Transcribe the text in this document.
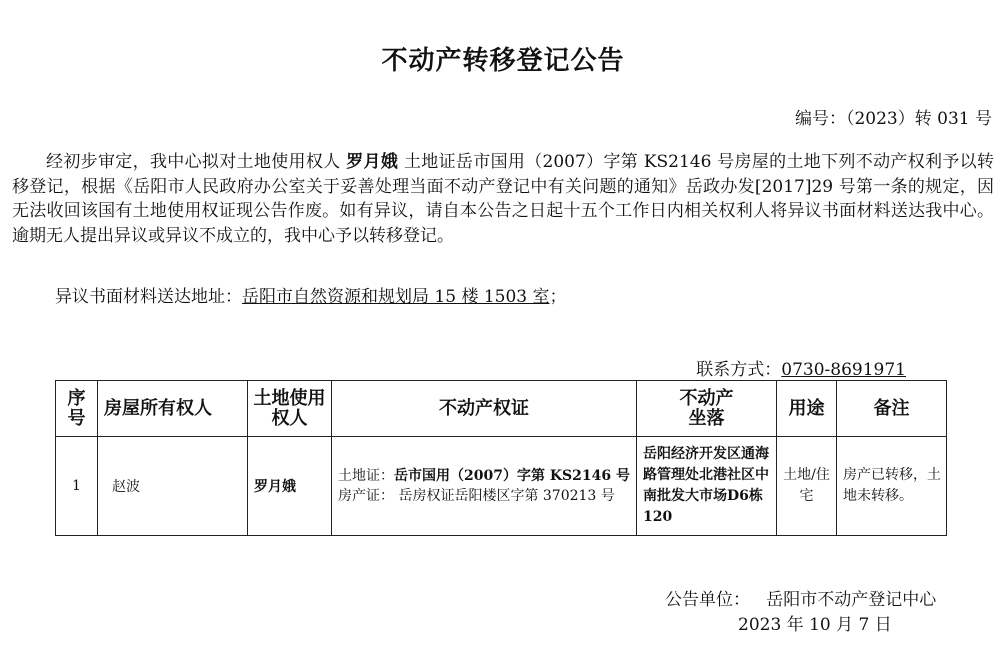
不动产转移登记公告
编号：（2023）转 031 号

经初步审定，我中心拟对土地使用权人 罗月娥 土地证岳市国用（2007）字第 KS2146 号房屋的土地下列不动产权利予以转移登记，根据《岳阳市人民政府办公室关于妥善处理当面不动产登记中有关问题的通知》岳政办发[2017]29 号第一条的规定，因无法收回该国有土地使用权证现公告作废。如有异议，请自本公告之日起十五个工作日内相关权利人将异议书面材料送达我中心。逾期无人提出异议或异议不成立的，我中心予以转移登记。

异议书面材料送达地址：岳阳市自然资源和规划局 15 楼 1503 室；
联系方式：0730-8691971
序号	房屋所有权人	土地使用权人	不动产权证	不动产坐落	用途	备注
1	赵波	罗月娥	土地证：岳市国用（2007）字第 KS2146 号
房产证： 岳房权证岳阳楼区字第 370213 号	岳阳经济开发区通海路管理处北港社区中南批发大市场D6栋120	土地/住宅	房产已转移，土地未转移。
公告单位：   岳阳市不动产登记中心
2023 年 10 月 7 日
